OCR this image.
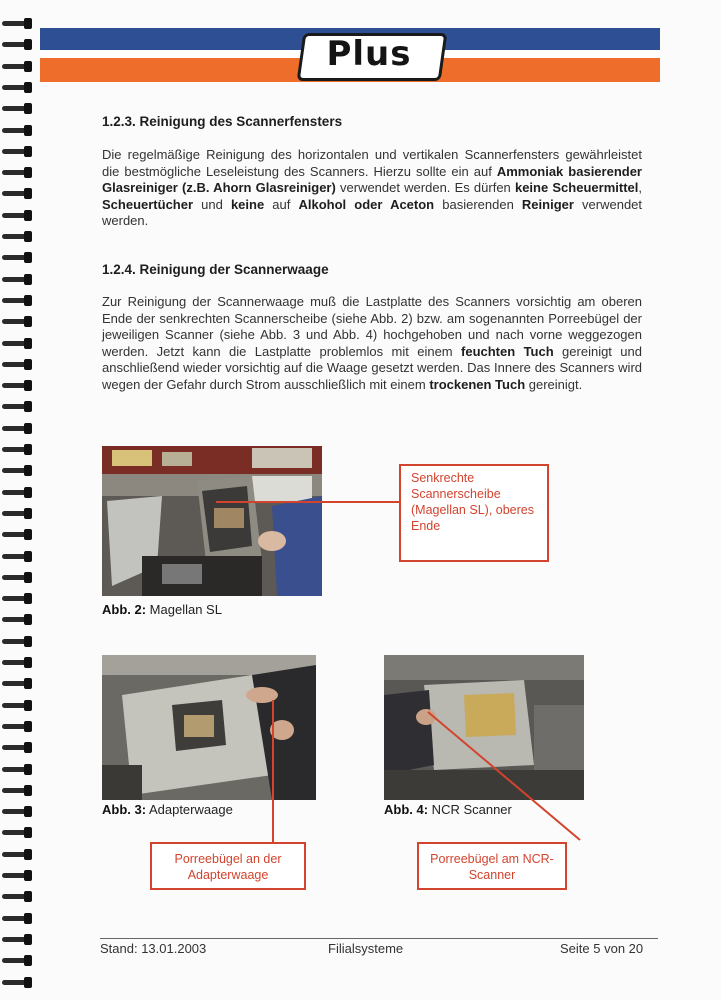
Plus
1.2.3. Reinigung des Scannerfensters

Die regelmäßige Reinigung des horizontalen und vertikalen Scannerfensters gewährleistet die bestmögliche Leseleistung des Scanners. Hierzu sollte ein auf Ammoniak basierender Glasreiniger (z.B. Ahorn Glasreiniger) verwendet werden. Es dürfen keine Scheuermittel, Scheuertücher und keine auf Alkohol oder Aceton basierenden Reiniger verwendet werden.

1.2.4. Reinigung der Scannerwaage

Zur Reinigung der Scannerwaage muß die Lastplatte des Scanners vorsichtig am oberen Ende der senkrechten Scannerscheibe (siehe Abb. 2) bzw. am sogenannten Porreebügel der jeweiligen Scanner (siehe Abb. 3 und Abb. 4) hochgehoben und nach vorne weggezogen werden. Jetzt kann die Lastplatte problemlos mit einem feuchten Tuch gereinigt und anschließend wieder vorsichtig auf die Waage gesetzt werden. Das Innere des Scanners wird wegen der Gefahr durch Strom ausschließlich mit einem trockenen Tuch gereinigt.

Abb. 2: Magellan SL
Senkrechte Scannerscheibe (Magellan SL), oberes Ende
Abb. 3: Adapterwaage	Abb. 4: NCR Scanner
Porreebügel an der Adapterwaage
Porreebügel am NCR- Scanner
Stand: 13.01.2003	Filialsysteme	Seite 5 von 20
